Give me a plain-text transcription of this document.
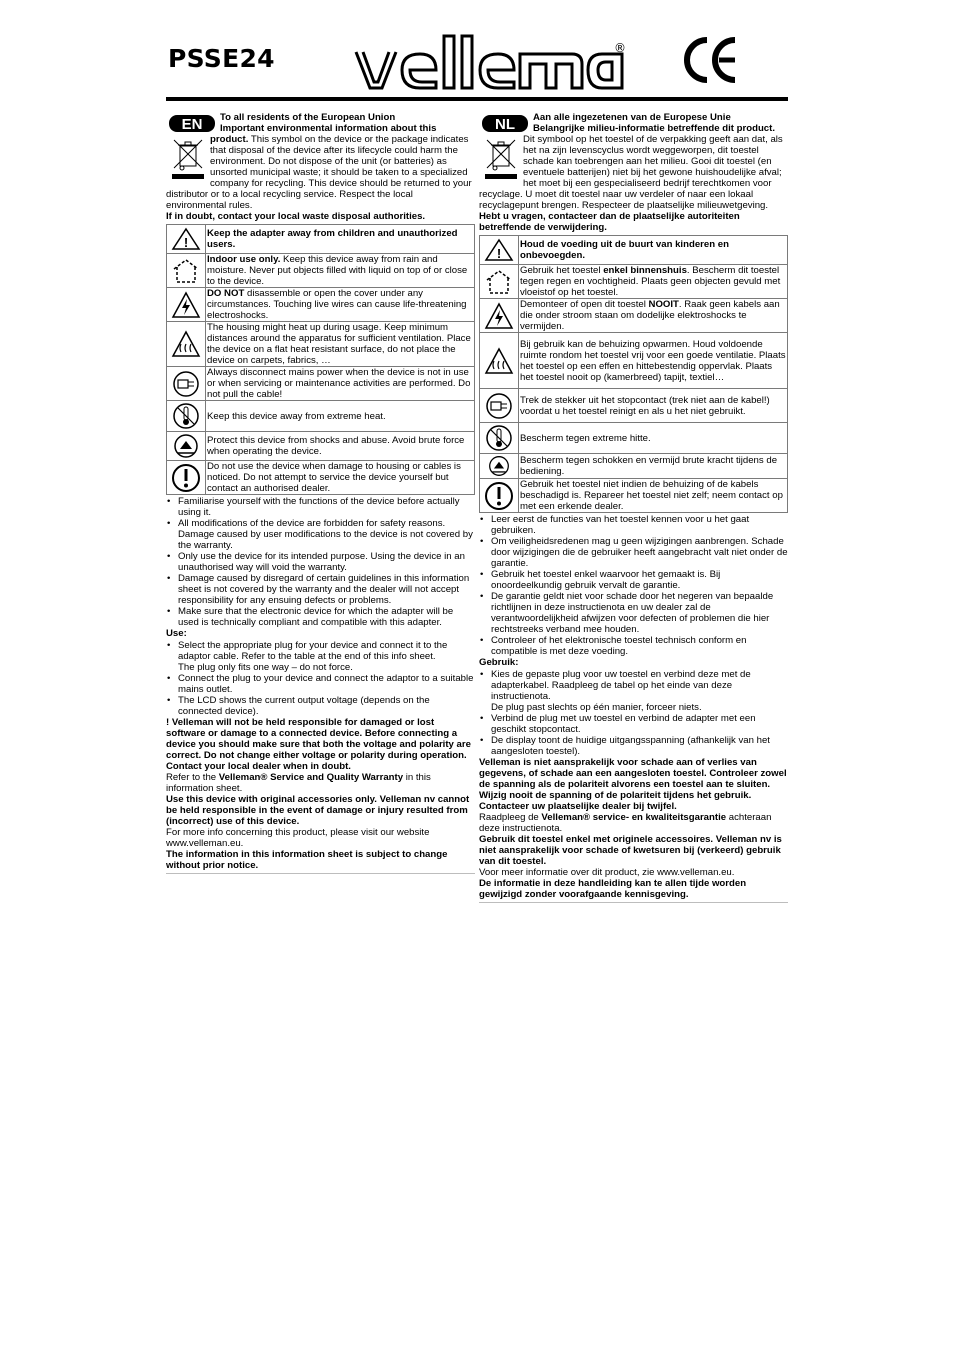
PSSE24	®
EN	To all residents of the European Union

Important environmental information about this

product. This symbol on the device or the package indicates that disposal of the device after its lifecycle could harm the environment. Do not dispose of the unit (or batteries) as unsorted municipal waste; it should be taken to a specialized company for recycling. This device should be returned to your distributor or to a local recycling service. Respect the local environmental rules.

If in doubt, contact your local waste disposal authorities.

!	Keep the adapter away from children and unauthorized users.

	Indoor use only. Keep this device away from rain and moisture. Never put objects filled with liquid on top of or close to the device.

	DO NOT disassemble or open the cover under any circumstances. Touching live wires can cause life-threatening electroshocks.

	The housing might heat up during usage. Keep minimum distances around the apparatus for sufficient ventilation. Place the device on a flat heat resistant surface, do not place the device on carpets, fabrics, …

	Always disconnect mains power when the device is not in use or when servicing or maintenance activities are performed. Do not pull the cable!

	Keep this device away from extreme heat.

	Protect this device from shocks and abuse. Avoid brute force when operating the device.

	Do not use the device when damage to housing or cables is noticed. Do not attempt to service the device yourself but contact an authorised dealer.
• Familiarise yourself with the functions of the device before actually using it.
• All modifications of the device are forbidden for safety reasons. Damage caused by user modifications to the device is not covered by the warranty.
• Only use the device for its intended purpose. Using the device in an unauthorised way will void the warranty.
• Damage caused by disregard of certain guidelines in this information sheet is not covered by the warranty and the dealer will not accept responsibility for any ensuing defects or problems.
• Make sure that the electronic device for which the adapter will be used is technically compliant and compatible with this adapter.

Use:

• Select the appropriate plug for your device and connect it to the adaptor cable. Refer to the table at the end of this info sheet.
The plug only fits one way – do not force.
• Connect the plug to your device and connect the adaptor to a suitable mains outlet.
• The LCD shows the current output voltage (depends on the connected device).

! Velleman will not be held responsible for damaged or lost software or damage to a connected device. Before connecting a device you should make sure that both the voltage and polarity are correct. Do not change either voltage or polarity during operation. Contact your local dealer when in doubt.

Refer to the Velleman® Service and Quality Warranty in this information sheet.

Use this device with original accessories only. Velleman nv cannot be held responsible in the event of damage or injury resulted from (incorrect) use of this device.

For more info concerning this product, please visit our website www.velleman.eu.

The information in this information sheet is subject to change without prior notice.

NL	Aan alle ingezetenen van de Europese Unie

Belangrijke milieu-informatie betreffende dit product.

Dit symbool op het toestel of de verpakking geeft aan dat, als het na zijn levenscyclus wordt weggeworpen, dit toestel schade kan toebrengen aan het milieu. Gooi dit toestel (en eventuele batterijen) niet bij het gewone huishoudelijke afval; het moet bij een gespecialiseerd bedrijf terechtkomen voor recyclage. U moet dit toestel naar uw verdeler of naar een lokaal recyclagepunt brengen. Respecteer de plaatselijke milieuwetgeving.

Hebt u vragen, contacteer dan de plaatselijke autoriteiten betreffende de verwijdering.

!	Houd de voeding uit de buurt van kinderen en onbevoegden.

	Gebruik het toestel enkel binnenshuis. Bescherm dit toestel tegen regen en vochtigheid. Plaats geen objecten gevuld met vloeistof op het toestel.

	Demonteer of open dit toestel NOOIT. Raak geen kabels aan die onder stroom staan om dodelijke elektroshocks te vermijden.

	Bij gebruik kan de behuizing opwarmen. Houd voldoende ruimte rondom het toestel vrij voor een goede ventilatie. Plaats het toestel op een effen en hittebestendig oppervlak. Plaats het toestel nooit op (kamerbreed) tapijt, textiel…

	Trek de stekker uit het stopcontact (trek niet aan de kabel!) voordat u het toestel reinigt en als u het niet gebruikt.

	Bescherm tegen extreme hitte.

	Bescherm tegen schokken en vermijd brute kracht tijdens de bediening.

	Gebruik het toestel niet indien de behuizing of de kabels beschadigd is. Repareer het toestel niet zelf; neem contact op met een erkende dealer.
• Leer eerst de functies van het toestel kennen voor u het gaat gebruiken.
• Om veiligheidsredenen mag u geen wijzigingen aanbrengen. Schade door wijzigingen die de gebruiker heeft aangebracht valt niet onder de garantie.
• Gebruik het toestel enkel waarvoor het gemaakt is. Bij onoordeelkundig gebruik vervalt de garantie.
• De garantie geldt niet voor schade door het negeren van bepaalde richtlijnen in deze instructienota en uw dealer zal de verantwoordelijkheid afwijzen voor defecten of problemen die hier rechtstreeks verband mee houden.
• Controleer of het elektronische toestel technisch conform en compatible is met deze voeding.

Gebruik:

• Kies de gepaste plug voor uw toestel en verbind deze met de adapterkabel. Raadpleeg de tabel op het einde van deze instructienota.
De plug past slechts op één manier, forceer niets.
• Verbind de plug met uw toestel en verbind de adapter met een geschikt stopcontact.
• De display toont de huidige uitgangsspanning (afhankelijk van het aangesloten toestel).

Velleman is niet aansprakelijk voor schade aan of verlies van gegevens, of schade aan een aangesloten toestel. Controleer zowel de spanning als de polariteit alvorens een toestel aan te sluiten. Wijzig nooit de spanning of de polariteit tijdens het gebruik. Contacteer uw plaatselijke dealer bij twijfel.

Raadpleeg de Velleman® service- en kwaliteitsgarantie achteraan deze instructienota.

Gebruik dit toestel enkel met originele accessoires. Velleman nv is niet aansprakelijk voor schade of kwetsuren bij (verkeerd) gebruik van dit toestel.

Voor meer informatie over dit product, zie www.velleman.eu.

De informatie in deze handleiding kan te allen tijde worden gewijzigd zonder voorafgaande kennisgeving.
